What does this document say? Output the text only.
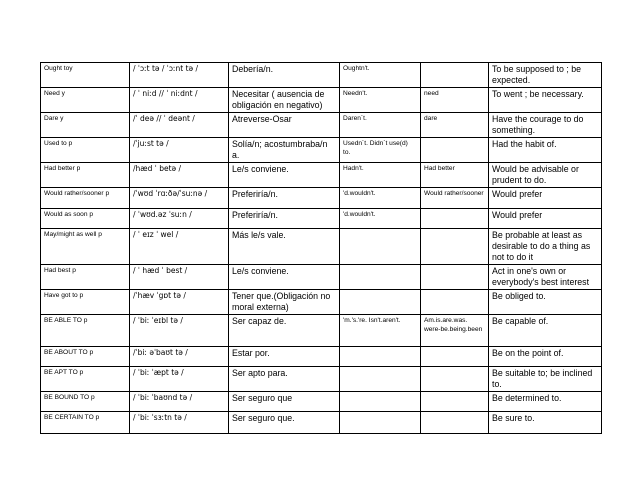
Ought toy	/ ˈɔːt tə / ˈɔːnt tə /	Debería/n.	Oughtn't.		To be supposed to ; be expected.
Need y	/ ˈ niːd // ˈ niːdnt /	Necesitar ( ausencia de obligación en negativo)	Needn't.	need	To went ; be necessary.
Dare y	/ˈ deə // ˈ deənt /	Atreverse-Osar	Daren´t.	dare	Have the courage to do something.
Used to p	/ˈjuːst tə /	Solía/n; acostumbraba/n a.	Usedn´t. Didn´t use(d) to.		Had the habit of.
Had better p	/hæd ˈ betə /	Le/s conviene.	Hadn't.	Had better	Would be advisable or prudent to do.
Would rather/sooner p	/ˈwʊd ˈrɑːðə/ˈsuːnə /	Preferiría/n.	'd.wouldn't.	Would rather/sooner	Would prefer
Would as soon p	/ ˈwʊd.əz ˈsuːn /	Preferiría/n.	'd.wouldn't.		Would prefer
May/might as well p	/ ˈ eɪz ˈ wel /	Más le/s vale.			Be probable at least as desirable to do a thing as not to do it
Had best p	/ ˈ hæd ˈ best /	Le/s conviene.			Act in one's own or everybody's best interest
Have got to p	/ˈhæv ˈgɒt tə /	Tener que.(Obligación no moral externa)			Be obliged to.
BE ABLE TO p	/ ˈbiː ˈeɪbl tə /	Ser capaz de.	'm.'s.'re. Isn't.aren't.	Am.is.are.was. were-be.being.been	Be capable of.
BE ABOUT TO p	/ˈbiː əˈbaʊt tə /	Estar por.			Be on the point of.
BE APT TO p	/ ˈbiː ˈæpt tə /	Ser apto para.			Be suitable to; be inclined to.
BE BOUND TO p	/ ˈbiː ˈbaʊnd tə /	Ser seguro que			Be determined to.
BE CERTAIN TO p	/ ˈbiː ˈsɜːtn tə /	Ser seguro que.			Be sure to.
